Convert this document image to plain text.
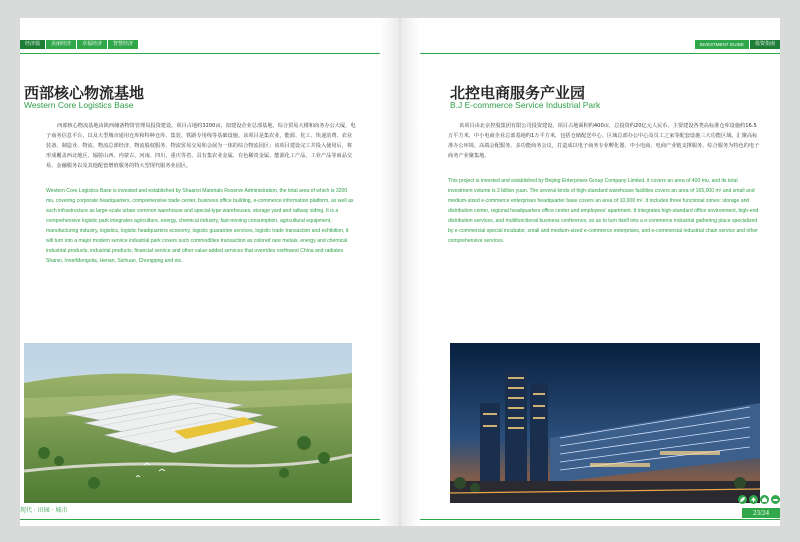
经济篇	美丽经济	幸福经济	智慧经济
西部核心物流基地
Western Core Logistics Base
西部核心物流基地由陕西储备物资管理局投资建设。项目占地约3200亩，拟建设企业总部基地、综合贸易大楼和商务办公大厦、电子商务信息平台，以及大型城市通用仓库和特种仓库、集装、铁路专用线等基础设施。该项目是集农业、能源、化工、快递消费、农业装备、制造业、物流、物流总部经济、物流股权服务、物流贸易交易和会展为一体的综合物流园区；该项目建设完工并投入使用后，将形成覆盖西北地区、辐射山西、内蒙古、河南、四川、重庆等省，具有集农业金属、有色稀贵金属、能源化工产品、工业产品等商品交易、金融服务以及其他配套增值服务的特大型现代服务业园区。
Western Core Logistics Base is invested and established by Shaanxi Materials Reserve Administration, the total area of which is 3200 mu, covering corporate headquarters, comprehensive trade center, business office building, e-commerce information platform, as well as such infrastructure as large-scale urban common warehouse and special-type warehouses, storage yard and railway siding. It is a comprehensive logistic park integrates agriculture, energy, chemical industry, fast-moving consumption, agricultural equipment, manufacturing industry, logistics, logistic headquarters economy, logistic guarantee services, logistic trade transaction and exhibition, it will turn into a major modern service industrial park covers such commodities transaction as colored rare metals, energy and chemical industrial products, industrial products, financial service and other value-added services that overrides northwest China and radiates Shanxi, InnerMongolia, Henan, Sichuan, Chongqing and etc.
现代 · 田园 · 城市
INVESTMENT GUIDE	投资指南
北控电商服务产业园
B.J E-commerce Service Industrial Park
该项目由北京控股集团有限公司投资建设。项目占地面积约400亩，总投资约20亿元人民币。主要建设各类高标准仓库设施约16.5万平方米，中小电商企业总部基地约1万平方米，包括仓储配送中心、区域总部办公中心及员工之家等配套设施三大功能区域。汇聚高标准办公环境、高端会配服务、多功能商务会议，打造成以电子商务专业孵化器、中小电商、电商产业链支撑服务、综合服务为特色的电子商务产业聚集地。
This project is invested and established by Beijing Enterprises Group Company Limited, it covers an area of 400 mu, and its total investment volume is 2 billion yuan. The several kinds of high-standard warehouse facilities covers an area of 165,000 m² and small and medium-sized e-commerce enterprises headquarter base covers an area of 10,000 m². It includes three functional zones: storage and distribution center, regional headquarters office center and employees' apartment. It integrates high-standard office environment, high-end distribution services, and multifunctional business conference, so as to turn itself into a e-commerce industrial gathering place specialized by e-commercial special incubator, small and medium-sized e-commerce enterprises, and e-commercial industrial chain service and other comprehensive services.
23/24
